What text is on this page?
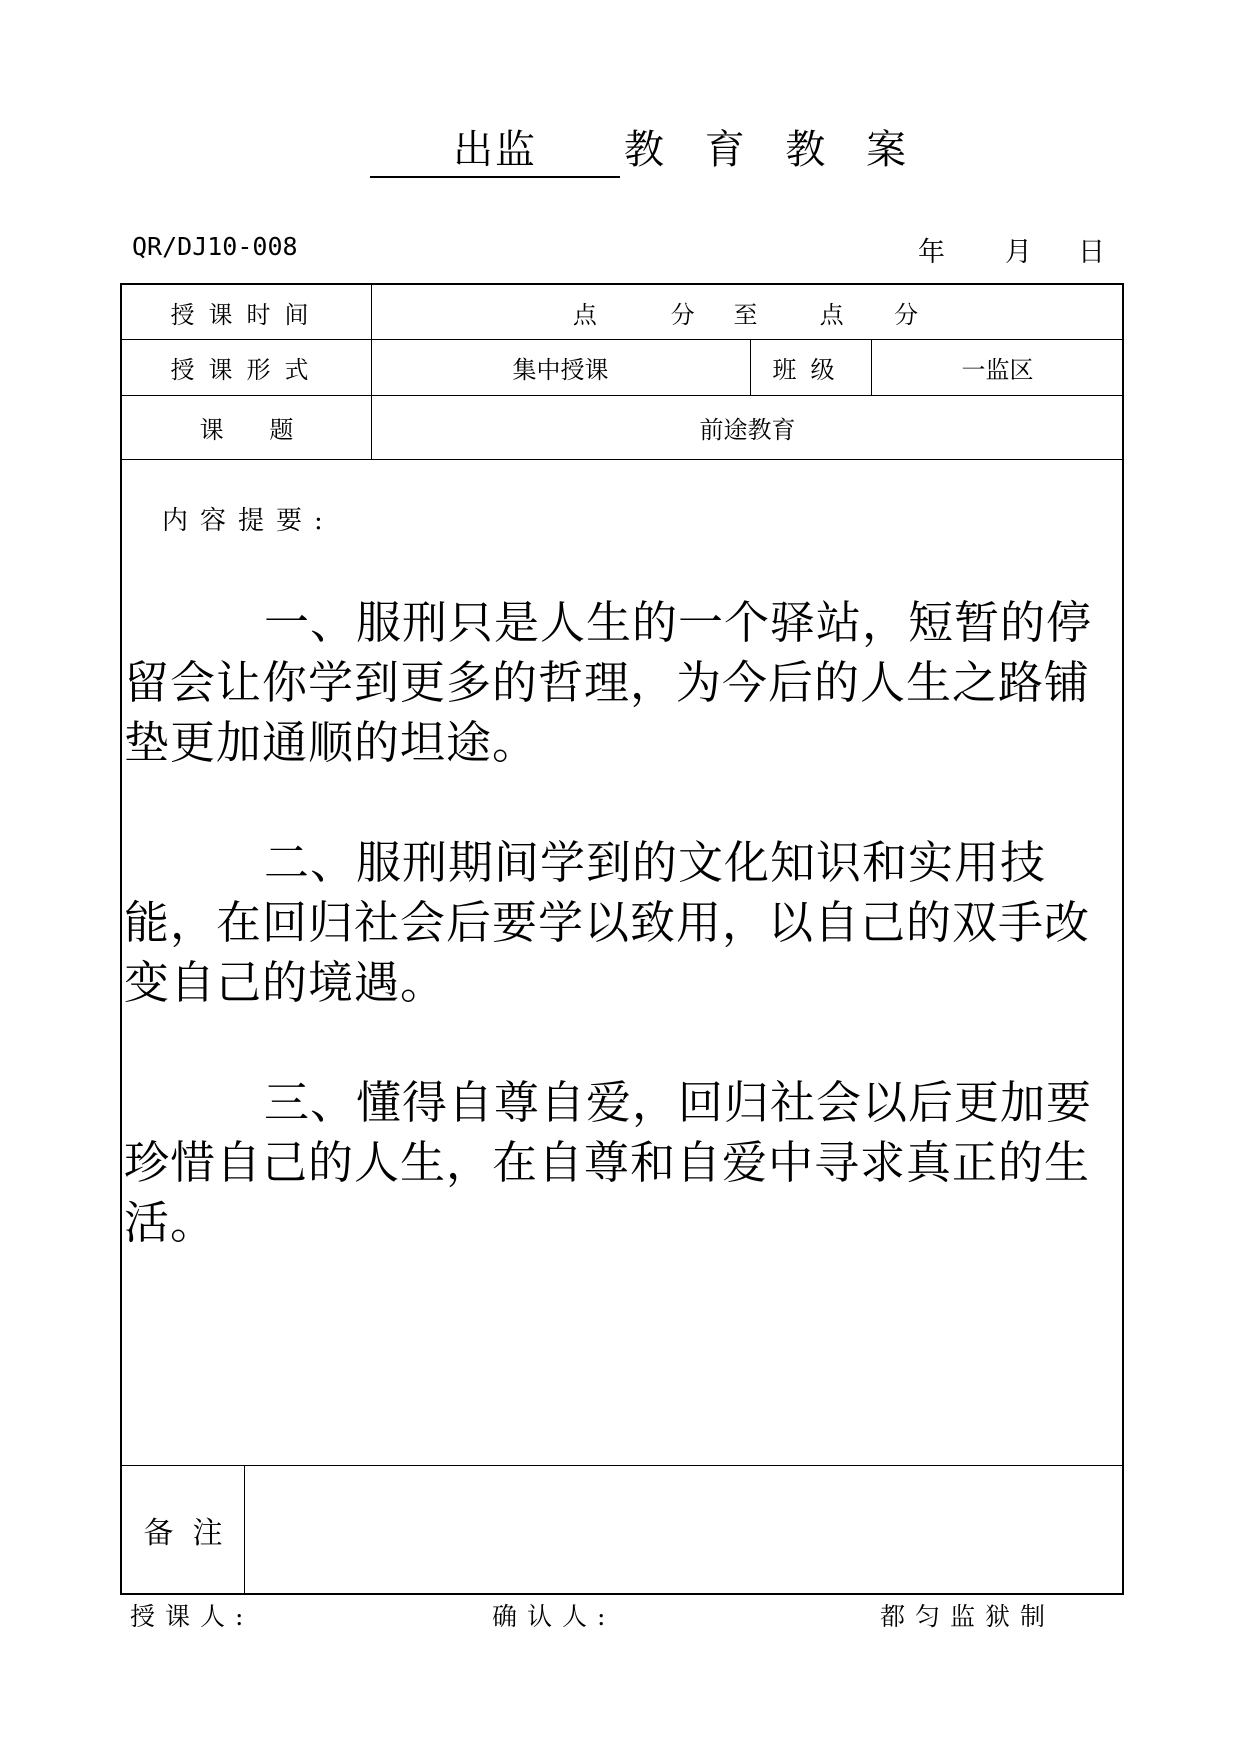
出监	教 育 教 案
QR/DJ10-008	年 月 日
授课时间	点      分   至     点    分
授课形式	集中授课	班级	一监区
课      题	前途教育
内容提要:

一、服刑只是人生的一个驿站，短暂的停留会让你学到更多的哲理，为今后的人生之路铺垫更加通顺的坦途。

二、服刑期间学到的文化知识和实用技能，在回归社会后要学以致用，以自己的双手改变自己的境遇。

三、懂得自尊自爱，回归社会以后更加要珍惜自己的人生，在自尊和自爱中寻求真正的生活。

备  注
授课人:	确认人:	都匀监狱制
